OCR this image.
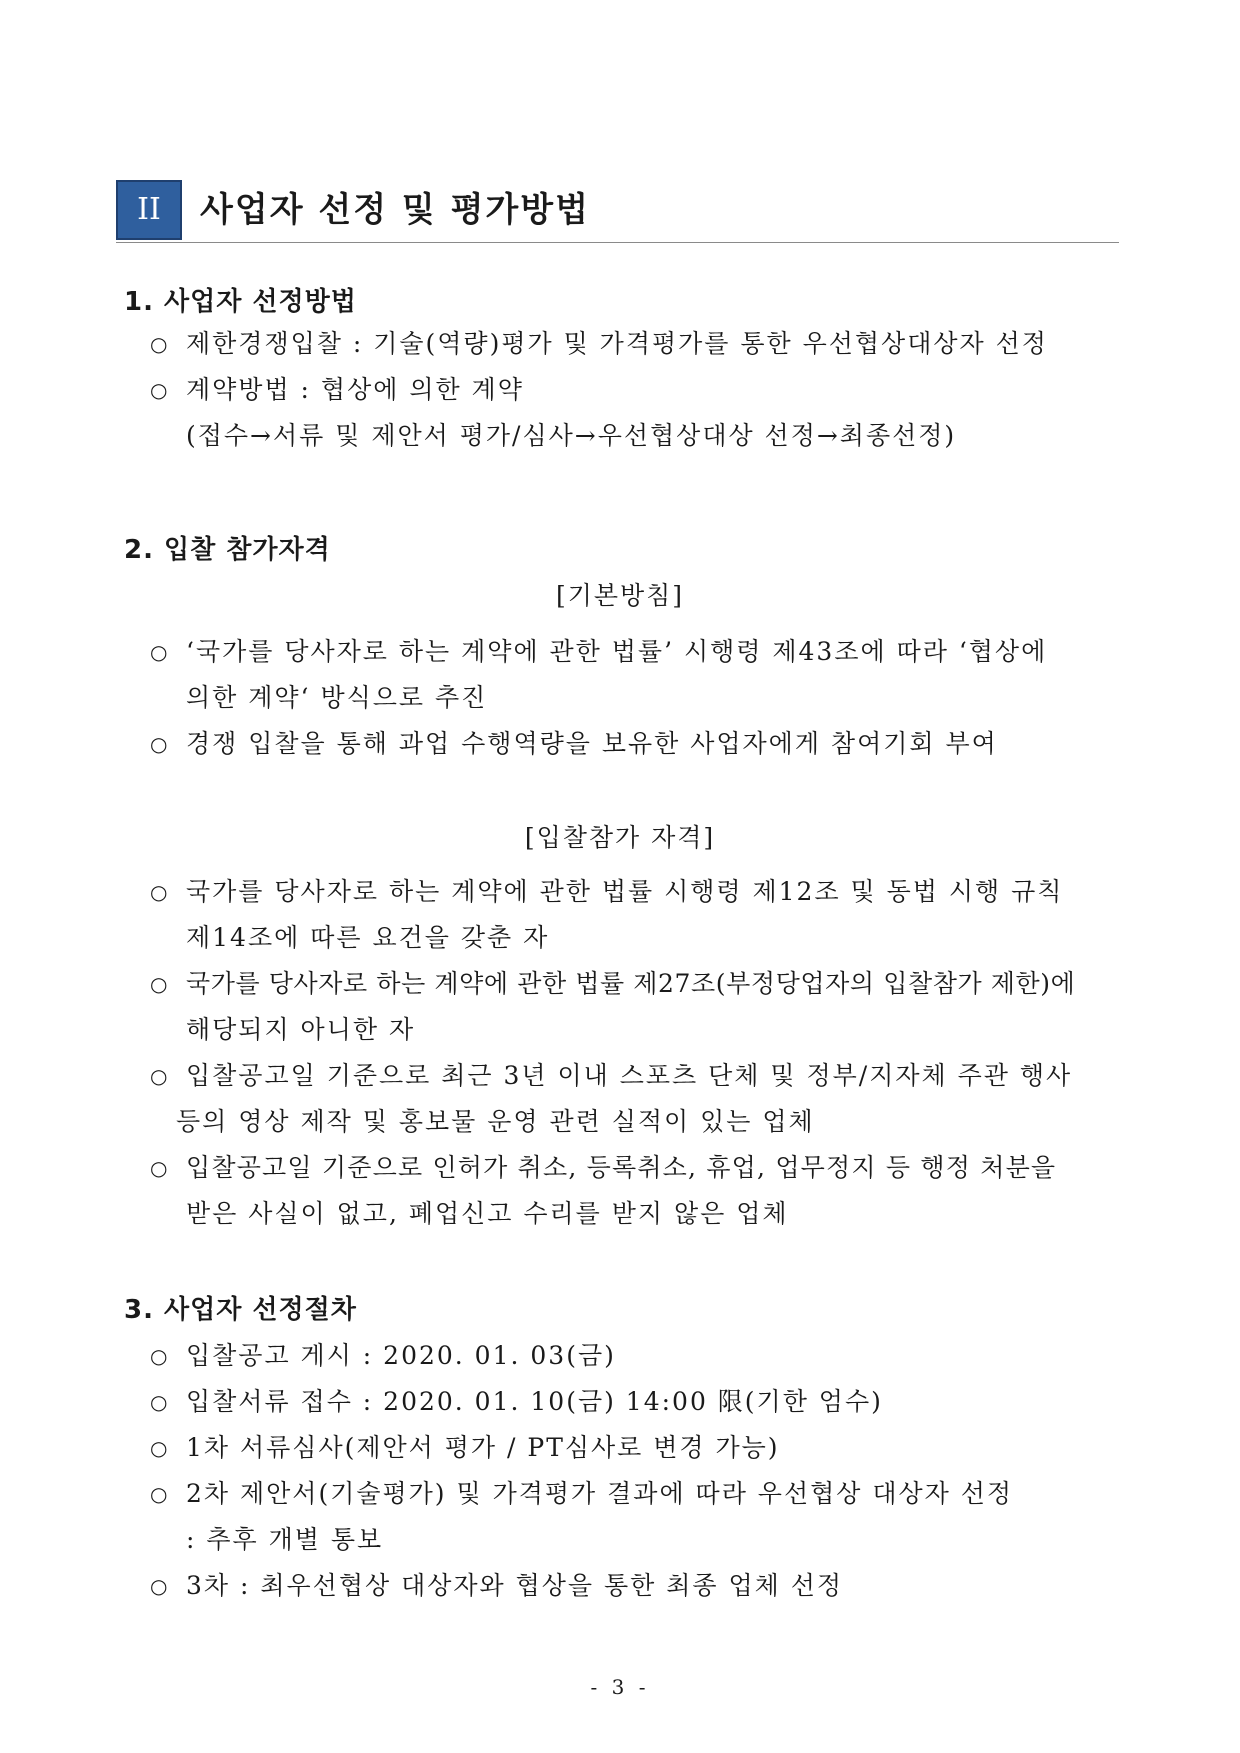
II	사업자 선정 및 평가방법
1. 사업자 선정방법
○ 제한경쟁입찰 : 기술(역량)평가 및 가격평가를 통한 우선협상대상자 선정
○ 계약방법 : 협상에 의한 계약
(접수→서류 및 제안서 평가/심사→우선협상대상 선정→최종선정)
2. 입찰 참가자격
[기본방침]
○ ‘국가를 당사자로 하는 계약에 관한 법률’ 시행령 제43조에 따라 ‘협상에
의한 계약‘ 방식으로 추진
○ 경쟁 입찰을 통해 과업 수행역량을 보유한 사업자에게 참여기회 부여
[입찰참가 자격]
○ 국가를 당사자로 하는 계약에 관한 법률 시행령 제12조 및 동법 시행 규칙
제14조에 따른 요건을 갖춘 자
○ 국가를 당사자로 하는 계약에 관한 법률 제27조(부정당업자의 입찰참가 제한)에
해당되지 아니한 자
○ 입찰공고일 기준으로 최근 3년 이내 스포츠 단체 및 정부/지자체 주관 행사
등의 영상 제작 및 홍보물 운영 관련 실적이 있는 업체
○ 입찰공고일 기준으로 인허가 취소, 등록취소, 휴업, 업무정지 등 행정 처분을
받은 사실이 없고, 폐업신고 수리를 받지 않은 업체
3. 사업자 선정절차
○ 입찰공고 게시 : 2020. 01. 03(금)
○ 입찰서류 접수 : 2020. 01. 10(금) 14:00 限(기한 엄수)
○ 1차 서류심사(제안서 평가 / PT심사로 변경 가능)
○ 2차 제안서(기술평가) 및 가격평가 결과에 따라 우선협상 대상자 선정
: 추후 개별 통보
○ 3차 : 최우선협상 대상자와 협상을 통한 최종 업체 선정
- 3 -
